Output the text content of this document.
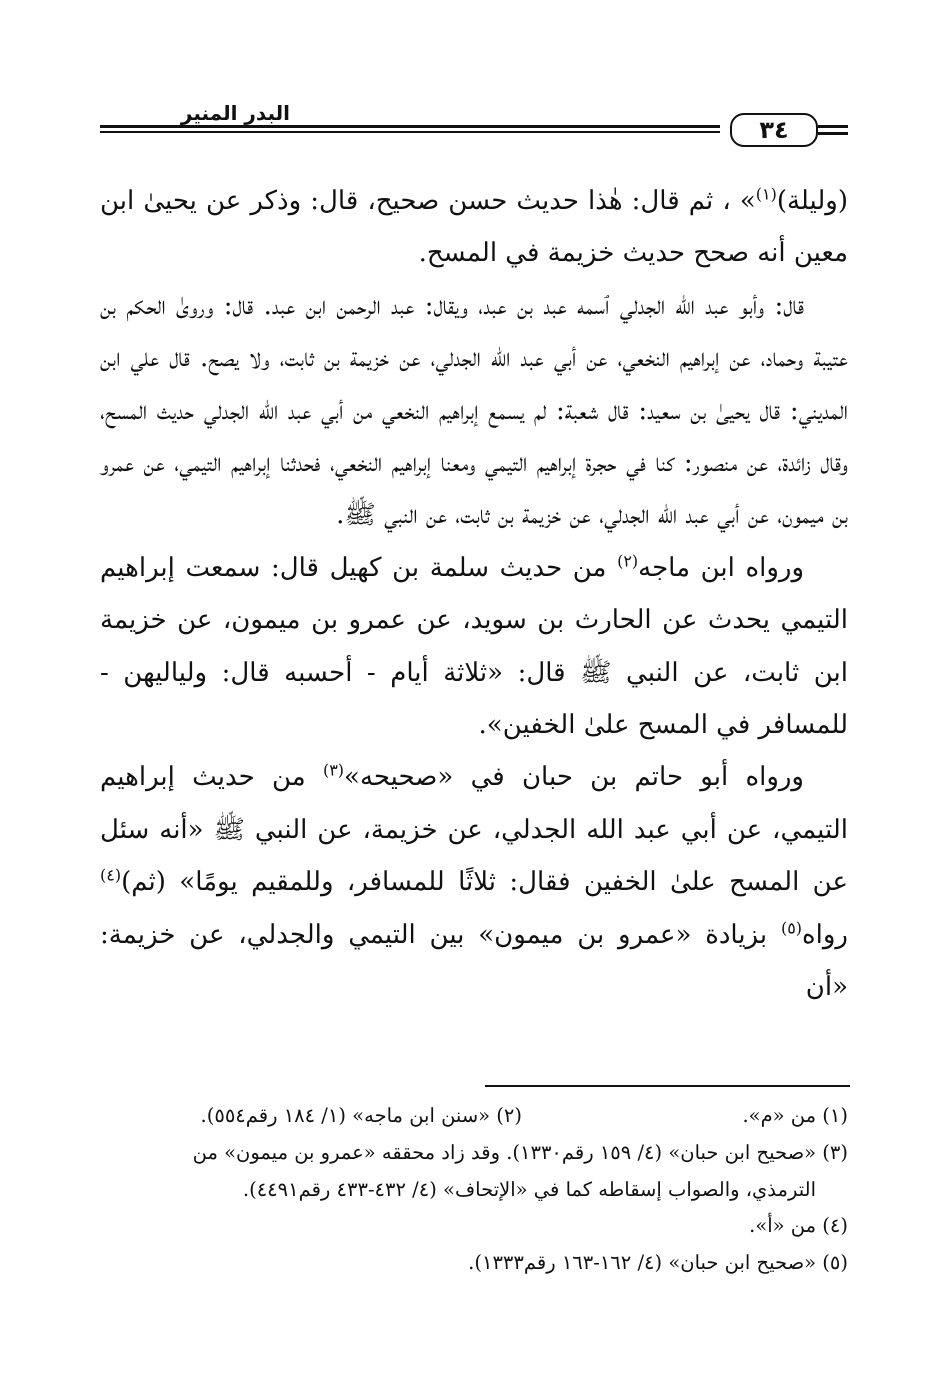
البدر المنير
٣٤

(وليلة)$^{(١)}$» ، ثم قال: هٰذا حديث حسن صحيح، قال: وذكر عن يحيىٰ ابن معين أنه صحح حديث خزيمة في المسح.

قال: وأبو عبد الله الجدلي ٱسمه عبد بن عبد، ويقال: عبد الرحمن ابن عبد. قال: ورویٰ الحكم بن عتيبة وحماد، عن إبراهيم النخعي، عن أبي عبد الله الجدلي، عن خزيمة بن ثابت، ولا يصح. قال علي ابن المديني: قال يحيىٰ بن سعيد: قال شعبة: لم يسمع إبراهيم النخعي من أبي عبد الله الجدلي حديث المسح، وقال زائدة، عن منصور: كنا في حجرة إبراهيم التيمي ومعنا إبراهيم النخعي، فحدثنا إبراهيم التيمي، عن عمرو بن ميمون، عن أبي عبد الله الجدلي، عن خزيمة بن ثابت، عن النبي ﷺ.

ورواه ابن ماجه$^{(٢)}$ من حديث سلمة بن كهيل قال: سمعت إبراهيم التيمي يحدث عن الحارث بن سويد، عن عمرو بن ميمون، عن خزيمة ابن ثابت، عن النبي ﷺ قال: «ثلاثة أيام - أحسبه قال: ولياليهن - للمسافر في المسح علىٰ الخفين».

ورواه أبو حاتم بن حبان في «صحيحه»$^{(٣)}$ من حديث إبراهيم التيمي، عن أبي عبد الله الجدلي، عن خزيمة، عن النبي ﷺ «أنه سئل عن المسح علىٰ الخفين فقال: ثلاثًا للمسافر، وللمقيم يومًا» (ثم)$^{(٤)}$ رواه$^{(٥)}$ بزيادة «عمرو بن ميمون» بين التيمي والجدلي، عن خزيمة: «أن

(١) من «م».
(٢) «سنن ابن ماجه» (١/ ١٨٤ رقم٥٥٤).
(٣) «صحيح ابن حبان» (٤/ ١٥٩ رقم١٣٣٠). وقد زاد محققه «عمرو بن ميمون» من
الترمذي، والصواب إسقاطه كما في «الإتحاف» (٤/ ٤٣٢-٤٣٣ رقم٤٤٩١).
(٤) من «أ».
(٥) «صحيح ابن حبان» (٤/ ١٦٢-١٦٣ رقم١٣٣٣).
